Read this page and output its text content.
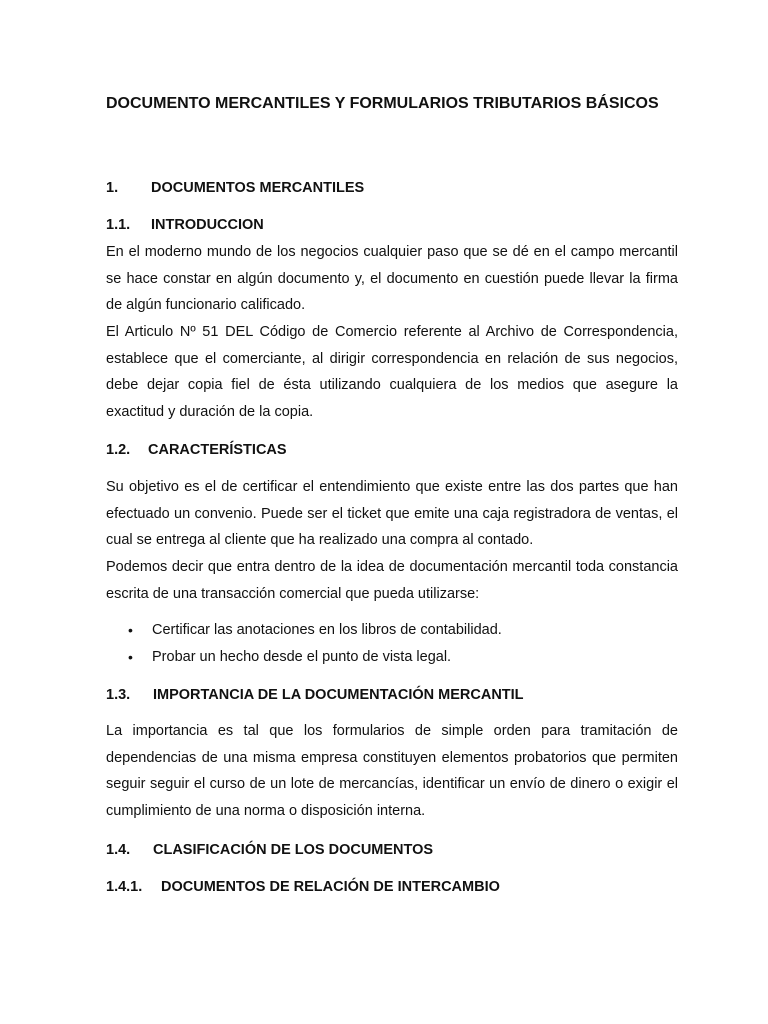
DOCUMENTO MERCANTILES Y FORMULARIOS TRIBUTARIOS BÁSICOS
1. DOCUMENTOS MERCANTILES
1.1. INTRODUCCION

En el moderno mundo de los negocios cualquier paso que se dé en el campo mercantil se hace constar en algún documento y, el documento en cuestión puede llevar la firma de algún funcionario calificado.

El Articulo Nº 51 DEL Código de Comercio referente al Archivo de Correspondencia, establece que el comerciante, al dirigir correspondencia en relación de sus negocios, debe dejar copia fiel de ésta utilizando cualquiera de los medios que asegure la exactitud y duración de la copia.

1.2. CARACTERÍSTICAS

Su objetivo es el de certificar el entendimiento que existe entre las dos partes que han efectuado un convenio. Puede ser el ticket que emite una caja registradora de ventas, el cual se entrega al cliente que ha realizado una compra al contado.

Podemos decir que entra dentro de la idea de documentación mercantil toda constancia escrita de una transacción comercial que pueda utilizarse:

• Certificar las anotaciones en los libros de contabilidad.
• Probar un hecho desde el punto de vista legal.
1.3. IMPORTANCIA DE LA DOCUMENTACIÓN MERCANTIL

La importancia es tal que los formularios de simple orden para tramitación de dependencias de una misma empresa constituyen elementos probatorios que permiten seguir seguir el curso de un lote de mercancías, identificar un envío de dinero o exigir el cumplimiento de una norma o disposición interna.

1.4. CLASIFICACIÓN DE LOS DOCUMENTOS
1.4.1. DOCUMENTOS DE RELACIÓN DE INTERCAMBIO
